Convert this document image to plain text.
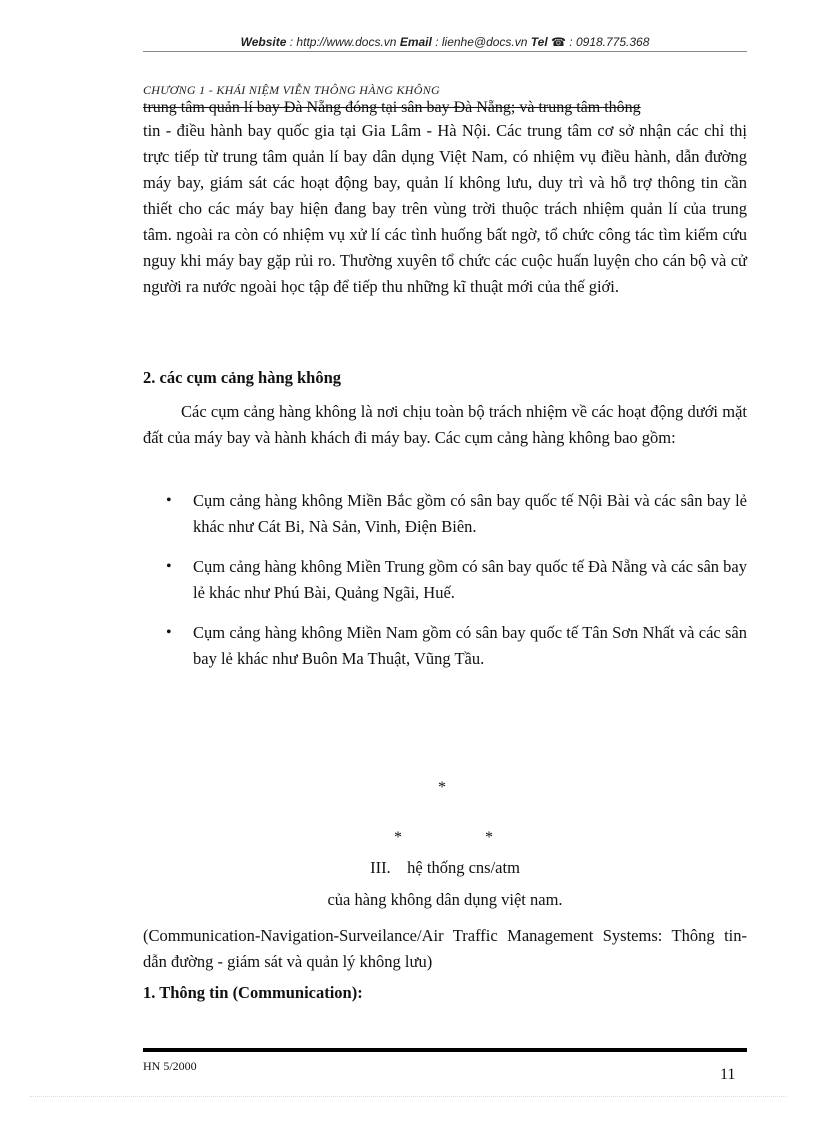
Website : http://www.docs.vn Email : lienhe@docs.vn Tel ☎ : 0918.775.368
CHƯƠNG 1 - KHÁI NIỆM VIỄN THÔNG HÀNG KHÔNG
trung tâm quản lí bay Đà Nẵng đóng tại sân bay Đà Nẵng; và trung tâm thông
tin - điều hành bay quốc gia tại Gia Lâm - Hà Nội. Các trung tâm cơ sở nhận các chỉ thị trực tiếp từ trung tâm quản lí bay dân dụng Việt Nam, có nhiệm vụ điều hành, dẫn đường máy bay, giám sát các hoạt động bay, quản lí không lưu, duy trì và hỗ trợ thông tin cần thiết cho các máy bay hiện đang bay trên vùng trời thuộc trách nhiệm quản lí của trung tâm. ngoài ra còn có nhiệm vụ xử lí các tình huống bất ngờ, tổ chức công tác tìm kiếm cứu nguy khi máy bay gặp rủi ro. Thường xuyên tổ chức các cuộc huấn luyện cho cán bộ và cử người ra nước ngoài học tập để tiếp thu những kĩ thuật mới của thế giới.
2. các cụm cảng hàng không
Các cụm cảng hàng không là nơi chịu toàn bộ trách nhiệm về các hoạt động dưới mặt đất của máy bay và hành khách đi máy bay. Các cụm cảng hàng không bao gồm:
• Cụm cảng hàng không Miền Bắc gồm có sân bay quốc tế Nội Bài và các sân bay lẻ khác như Cát Bi, Nà Sản, Vinh, Điện Biên.
• Cụm cảng hàng không Miền Trung gồm có sân bay quốc tế Đà Nẵng và các sân bay lẻ khác như Phú Bài, Quảng Ngãi, Huế.
• Cụm cảng hàng không Miền Nam gồm có sân bay quốc tế Tân Sơn Nhất và các sân bay lẻ khác như Buôn Ma Thuật, Vũng Tầu.
*
*	*
III.    hệ thống cns/atm
của hàng không dân dụng việt nam.
(Communication-Navigation-Surveilance/Air Traffic Management Systems: Thông tin- dẫn đường - giám sát và quản lý không lưu)
1. Thông tin (Communication):
HN 5/2000	11
